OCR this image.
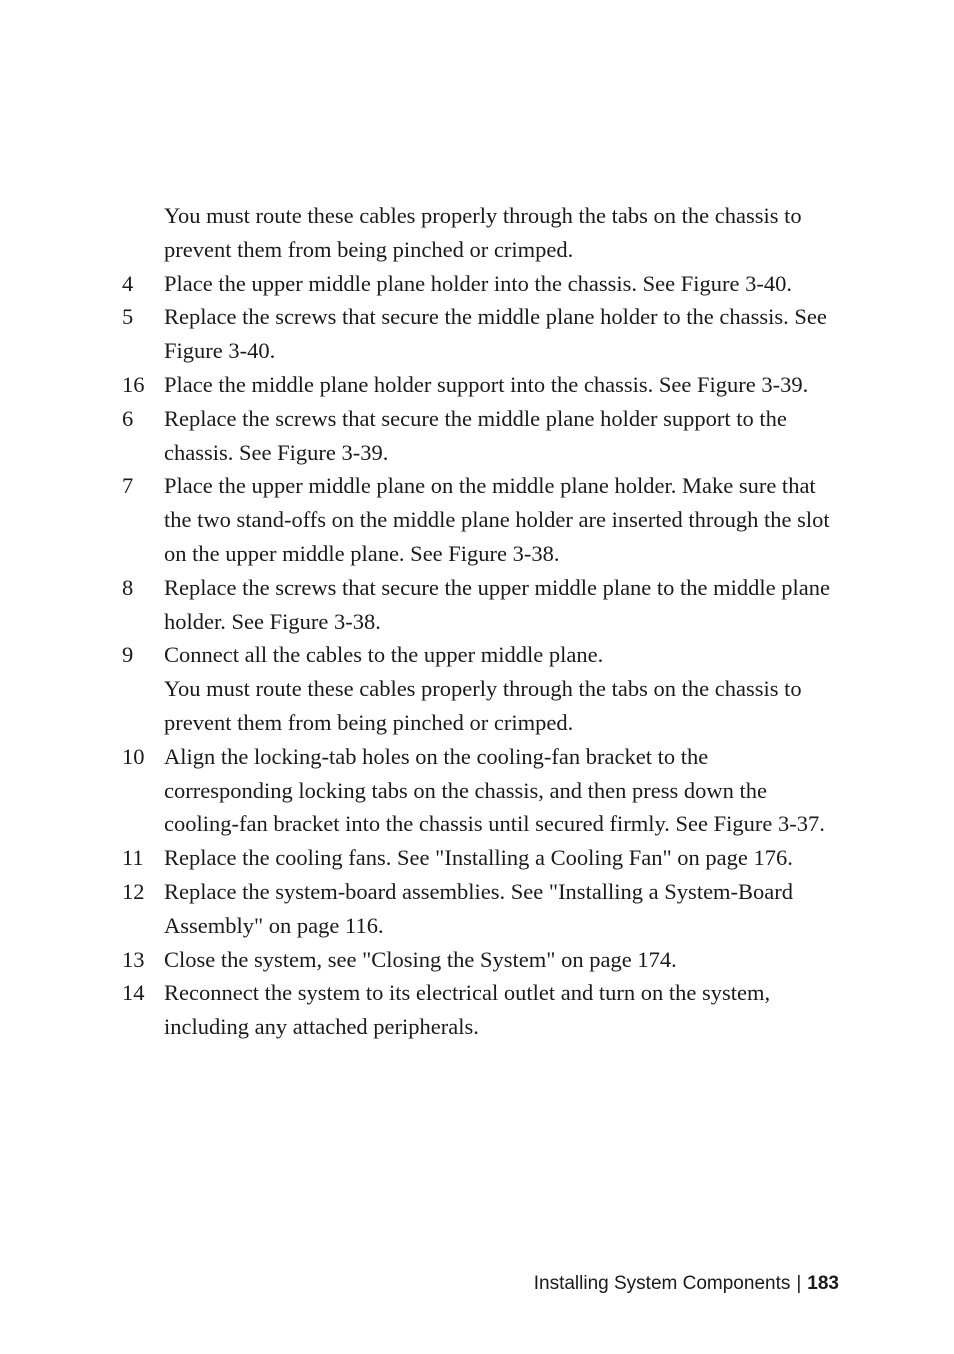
You must route these cables properly through the tabs on the chassis to prevent them from being pinched or crimped.

4	Place the upper middle plane holder into the chassis. See Figure 3-40.
5	Replace the screws that secure the middle plane holder to the chassis. See Figure 3-40.
16 Place the middle plane holder support into the chassis. See Figure 3-39.
6	Replace the screws that secure the middle plane holder support to the chassis. See Figure 3-39.
7	Place the upper middle plane on the middle plane holder. Make sure that the two stand-offs on the middle plane holder are inserted through the slot on the upper middle plane. See Figure 3-38.
8	Replace the screws that secure the upper middle plane to the middle plane holder. See Figure 3-38.
9	Connect all the cables to the upper middle plane.

You must route these cables properly through the tabs on the chassis to prevent them from being pinched or crimped.

10 Align the locking-tab holes on the cooling-fan bracket to the corresponding locking tabs on the chassis, and then press down the cooling-fan bracket into the chassis until secured firmly. See Figure 3-37.
11 Replace the cooling fans. See "Installing a Cooling Fan" on page 176.
12 Replace the system-board assemblies. See "Installing a System-Board Assembly" on page 116.
13 Close the system, see "Closing the System" on page 174.
14 Reconnect the system to its electrical outlet and turn on the system, including any attached peripherals.
Installing System Components | 183
